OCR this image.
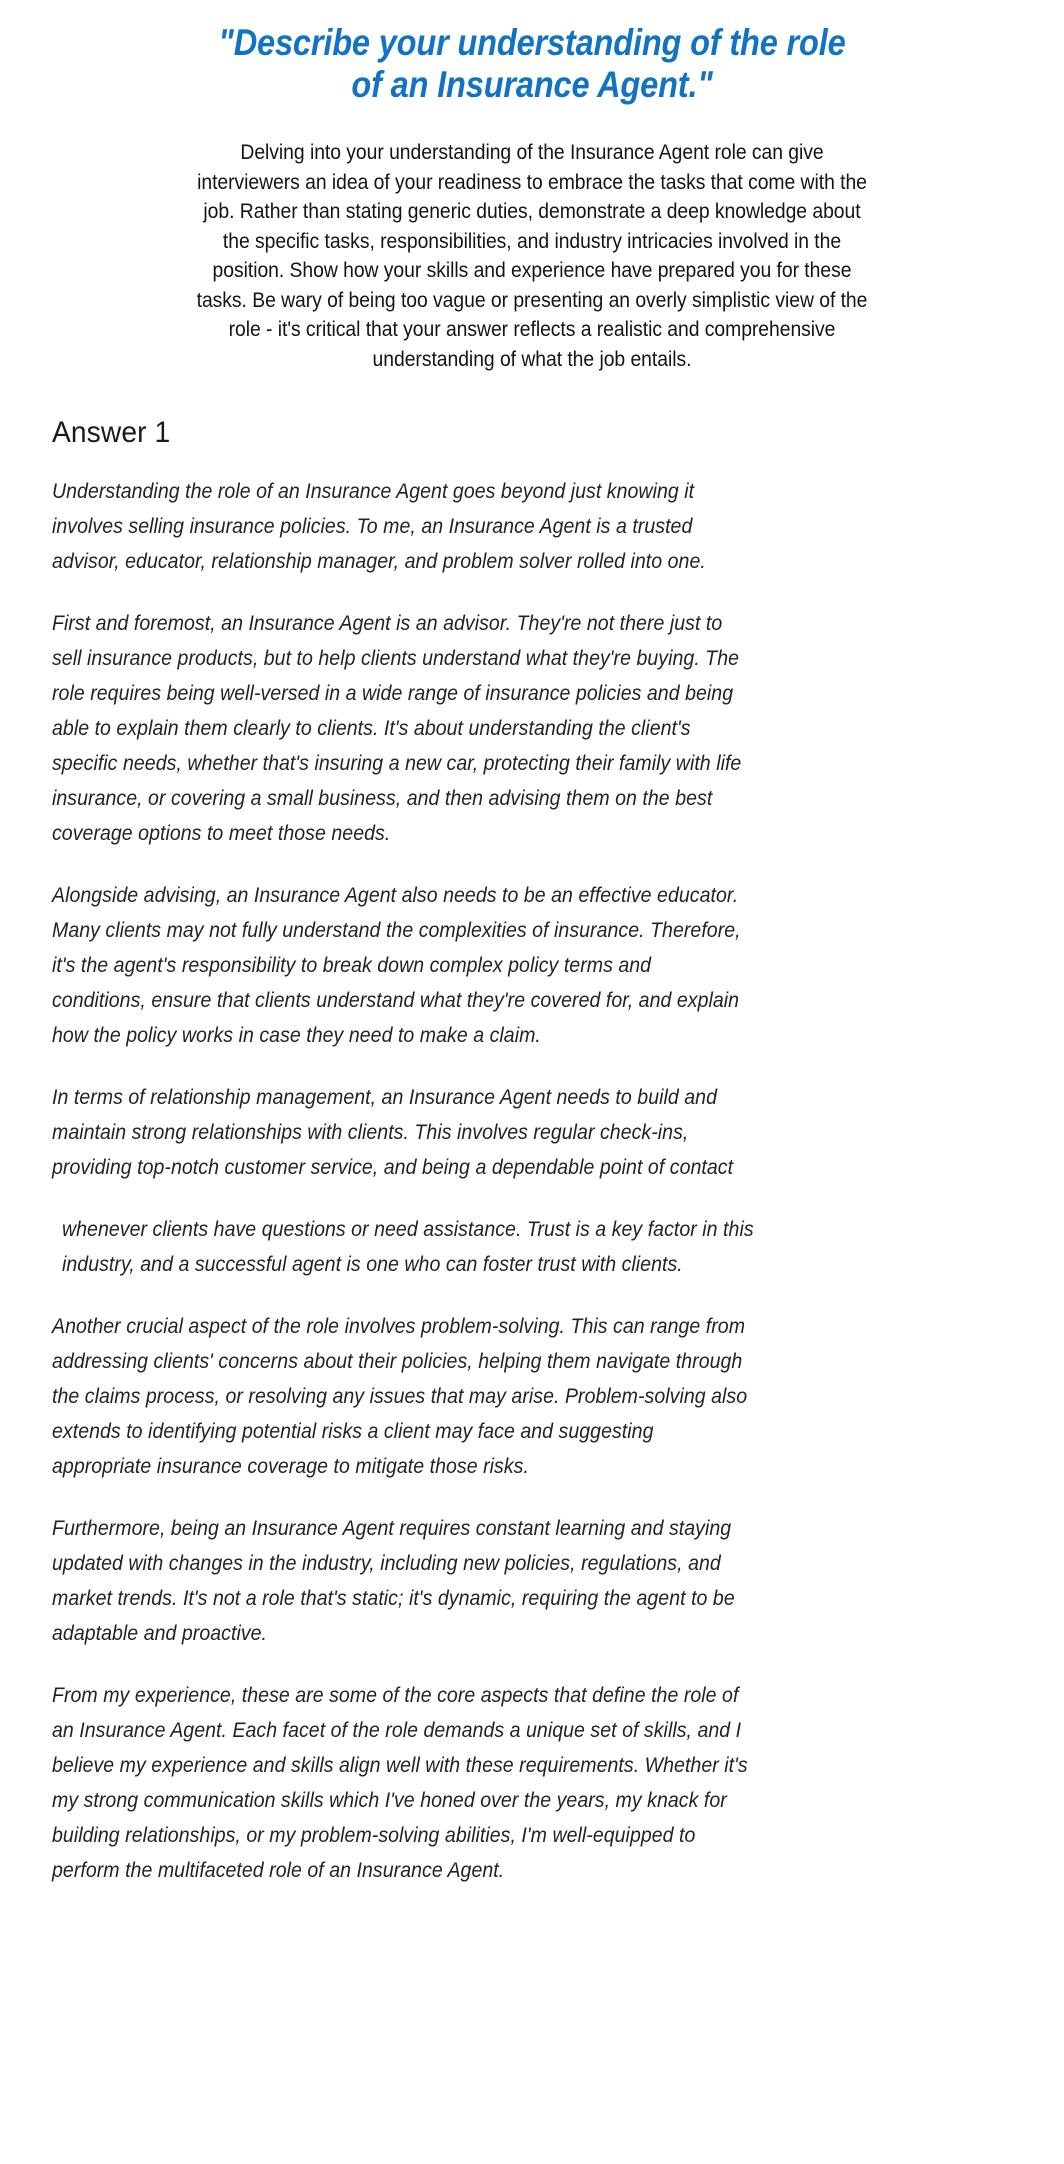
"Describe your understanding of the role
of an Insurance Agent."
Delving into your understanding of the Insurance Agent role can give
interviewers an idea of your readiness to embrace the tasks that come with the
job. Rather than stating generic duties, demonstrate a deep knowledge about
the specific tasks, responsibilities, and industry intricacies involved in the
position. Show how your skills and experience have prepared you for these
tasks. Be wary of being too vague or presenting an overly simplistic view of the
role - it's critical that your answer reflects a realistic and comprehensive
understanding of what the job entails.
Answer 1
Understanding the role of an Insurance Agent goes beyond just knowing it
involves selling insurance policies. To me, an Insurance Agent is a trusted
advisor, educator, relationship manager, and problem solver rolled into one.
First and foremost, an Insurance Agent is an advisor. They're not there just to
sell insurance products, but to help clients understand what they're buying. The
role requires being well-versed in a wide range of insurance policies and being
able to explain them clearly to clients. It's about understanding the client's
specific needs, whether that's insuring a new car, protecting their family with life
insurance, or covering a small business, and then advising them on the best
coverage options to meet those needs.
Alongside advising, an Insurance Agent also needs to be an effective educator.
Many clients may not fully understand the complexities of insurance. Therefore,
it's the agent's responsibility to break down complex policy terms and
conditions, ensure that clients understand what they're covered for, and explain
how the policy works in case they need to make a claim.
In terms of relationship management, an Insurance Agent needs to build and
maintain strong relationships with clients. This involves regular check-ins,
providing top-notch customer service, and being a dependable point of contact
whenever clients have questions or need assistance. Trust is a key factor in this
industry, and a successful agent is one who can foster trust with clients.
Another crucial aspect of the role involves problem-solving. This can range from
addressing clients' concerns about their policies, helping them navigate through
the claims process, or resolving any issues that may arise. Problem-solving also
extends to identifying potential risks a client may face and suggesting
appropriate insurance coverage to mitigate those risks.
Furthermore, being an Insurance Agent requires constant learning and staying
updated with changes in the industry, including new policies, regulations, and
market trends. It's not a role that's static; it's dynamic, requiring the agent to be
adaptable and proactive.
From my experience, these are some of the core aspects that define the role of
an Insurance Agent. Each facet of the role demands a unique set of skills, and I
believe my experience and skills align well with these requirements. Whether it's
my strong communication skills which I've honed over the years, my knack for
building relationships, or my problem-solving abilities, I'm well-equipped to
perform the multifaceted role of an Insurance Agent.
